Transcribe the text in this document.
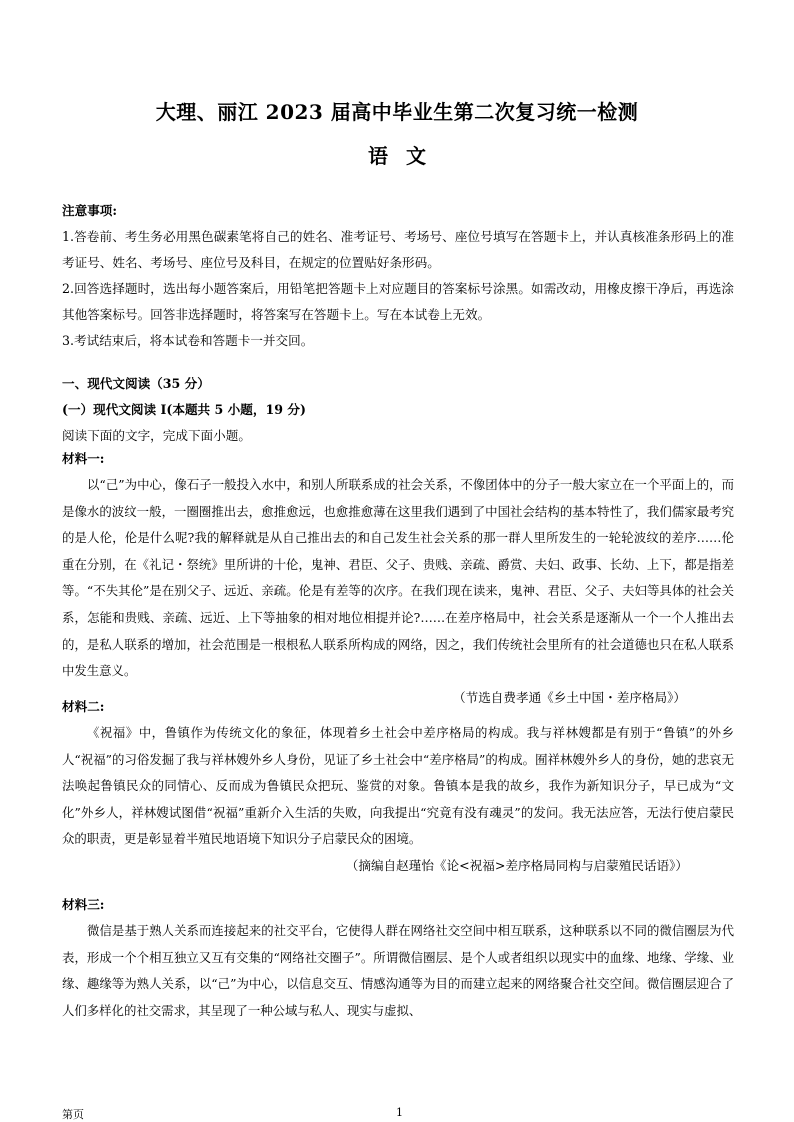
大理、丽江 2023 届高中毕业生第二次复习统一检测
语文
注意事项:
1.答卷前、考生务必用黑色碳素笔将自己的姓名、准考证号、考场号、座位号填写在答题卡上，并认真核准条形码上的准考证号、姓名、考场号、座位号及科目，在规定的位置贴好条形码。
2.回答选择题时，选出每小题答案后，用铅笔把答题卡上对应题目的答案标号涂黑。如需改动，用橡皮擦干净后，再选涂其他答案标号。回答非选择题时，将答案写在答题卡上。写在本试卷上无效。
3.考试结束后，将本试卷和答题卡一并交回。
一、现代文阅读（35 分）
(一）现代文阅读 I(本题共 5 小题，19 分)
阅读下面的文字，完成下面小题。
材料一:
以“己”为中心，像石子一般投入水中，和别人所联系成的社会关系，不像团体中的分子一般大家立在一个平面上的，而是像水的波纹一般，一圈圈推出去，愈推愈远，也愈推愈薄在这里我们遇到了中国社会结构的基本特性了，我们儒家最考究的是人伦，伦是什么呢?我的解释就是从自己推出去的和自己发生社会关系的那一群人里所发生的一轮轮波纹的差序……伦重在分别，在《礼记・祭统》里所讲的十伦，鬼神、君臣、父子、贵贱、亲疏、爵赏、夫妇、政事、长幼、上下，都是指差等。“不失其伦”是在别父子、远近、亲疏。伦是有差等的次序。在我们现在读来，鬼神、君臣、父子、夫妇等具体的社会关系，怎能和贵贱、亲疏、远近、上下等抽象的相对地位相提并论?……在差序格局中，社会关系是逐渐从一个一个人推出去的，是私人联系的增加，社会范围是一根根私人联系所构成的网络，因之，我们传统社会里所有的社会道德也只在私人联系中发生意义。
（节选自费孝通《乡土中国・差序格局》）
材料二:
《祝福》中，鲁镇作为传统文化的象征，体现着乡土社会中差序格局的构成。我与祥林嫂都是有别于“鲁镇”的外乡人“祝福”的习俗发掘了我与祥林嫂外乡人身份，见证了乡土社会中“差序格局”的构成。囿祥林嫂外乡人的身份，她的悲哀无法唤起鲁镇民众的同情心、反而成为鲁镇民众把玩、鉴赏的对象。鲁镇本是我的故乡，我作为新知识分子，早已成为“文化”外乡人，祥林嫂试图借“祝福”重新介入生活的失败，向我提出“究竟有没有魂灵”的发问。我无法应答，无法行使启蒙民众的职责，更是彰显着半殖民地语境下知识分子启蒙民众的困境。
（摘编自赵瑾怡《论<祝福>差序格局同构与启蒙殖民话语》）
材料三:
微信是基于熟人关系而连接起来的社交平台，它使得人群在网络社交空间中相互联系，这种联系以不同的微信圈层为代表，形成一个个相互独立又互有交集的“网络社交圈子”。所谓微信圈层、是个人或者组织以现实中的血缘、地缘、学缘、业缘、趣缘等为熟人关系，以“己”为中心，以信息交互、情感沟通等为目的而建立起来的网络聚合社交空间。微信圈层迎合了人们多样化的社交需求，其呈现了一种公域与私人、现实与虚拟、
第页	1
